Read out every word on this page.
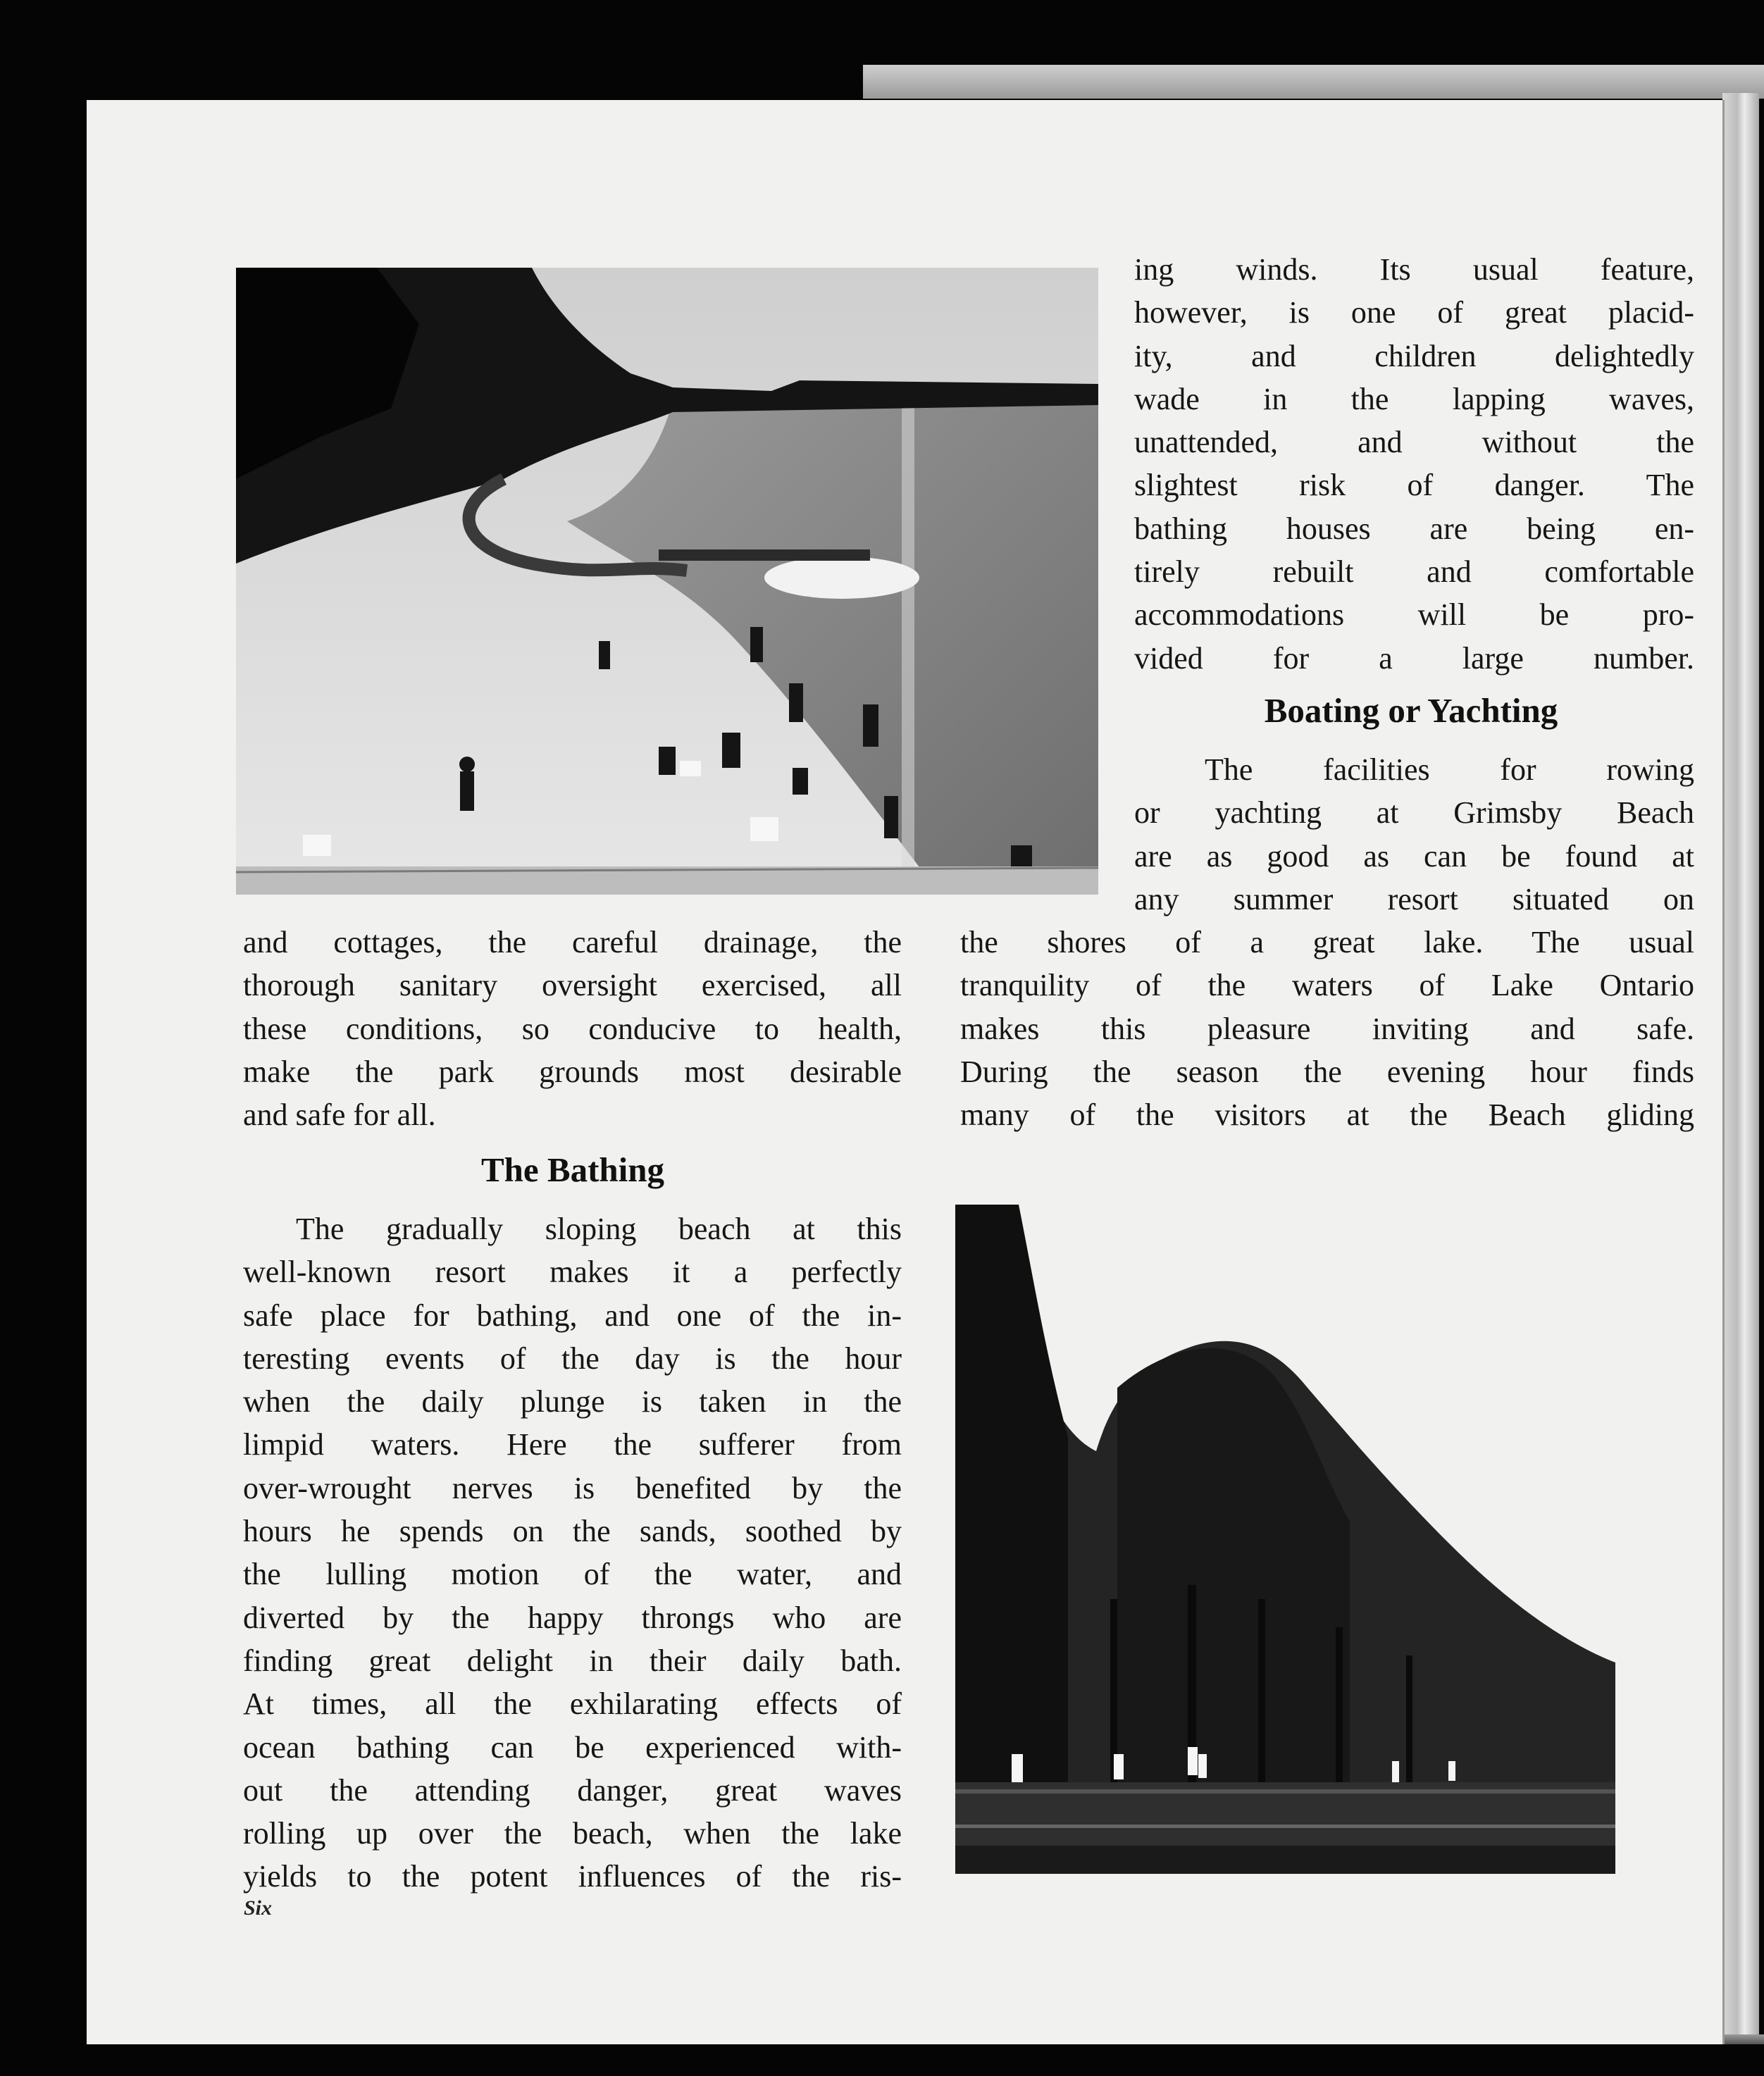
ing winds. Its usual feature,
however, is one of great placid-
ity, and children delightedly
wade in the lapping waves,
unattended, and without the
slightest risk of danger. The
bathing houses are being en-
tirely rebuilt and comfortable
accommodations will be pro-
vided for a large number.
Boating or Yachting
The facilities for rowing
or yachting at Grimsby Beach
are as good as can be found at
any summer resort situated on
the shores of a great lake. The usual
tranquility of the waters of Lake Ontario
makes this pleasure inviting and safe.
During the season the evening hour finds
many of the visitors at the Beach gliding
and cottages, the careful drainage, the
thorough sanitary oversight exercised, all
these conditions, so conducive to health,
make the park grounds most desirable
and safe for all.
The Bathing
The gradually sloping beach at this
well-known resort makes it a perfectly
safe place for bathing, and one of the in-
teresting events of the day is the hour
when the daily plunge is taken in the
limpid waters. Here the sufferer from
over-wrought nerves is benefited by the
hours he spends on the sands, soothed by
the lulling motion of the water, and
diverted by the happy throngs who are
finding great delight in their daily bath.
At times, all the exhilarating effects of
ocean bathing can be experienced with-
out the attending danger, great waves
rolling up over the beach, when the lake
yields to the potent influences of the ris-
Six
